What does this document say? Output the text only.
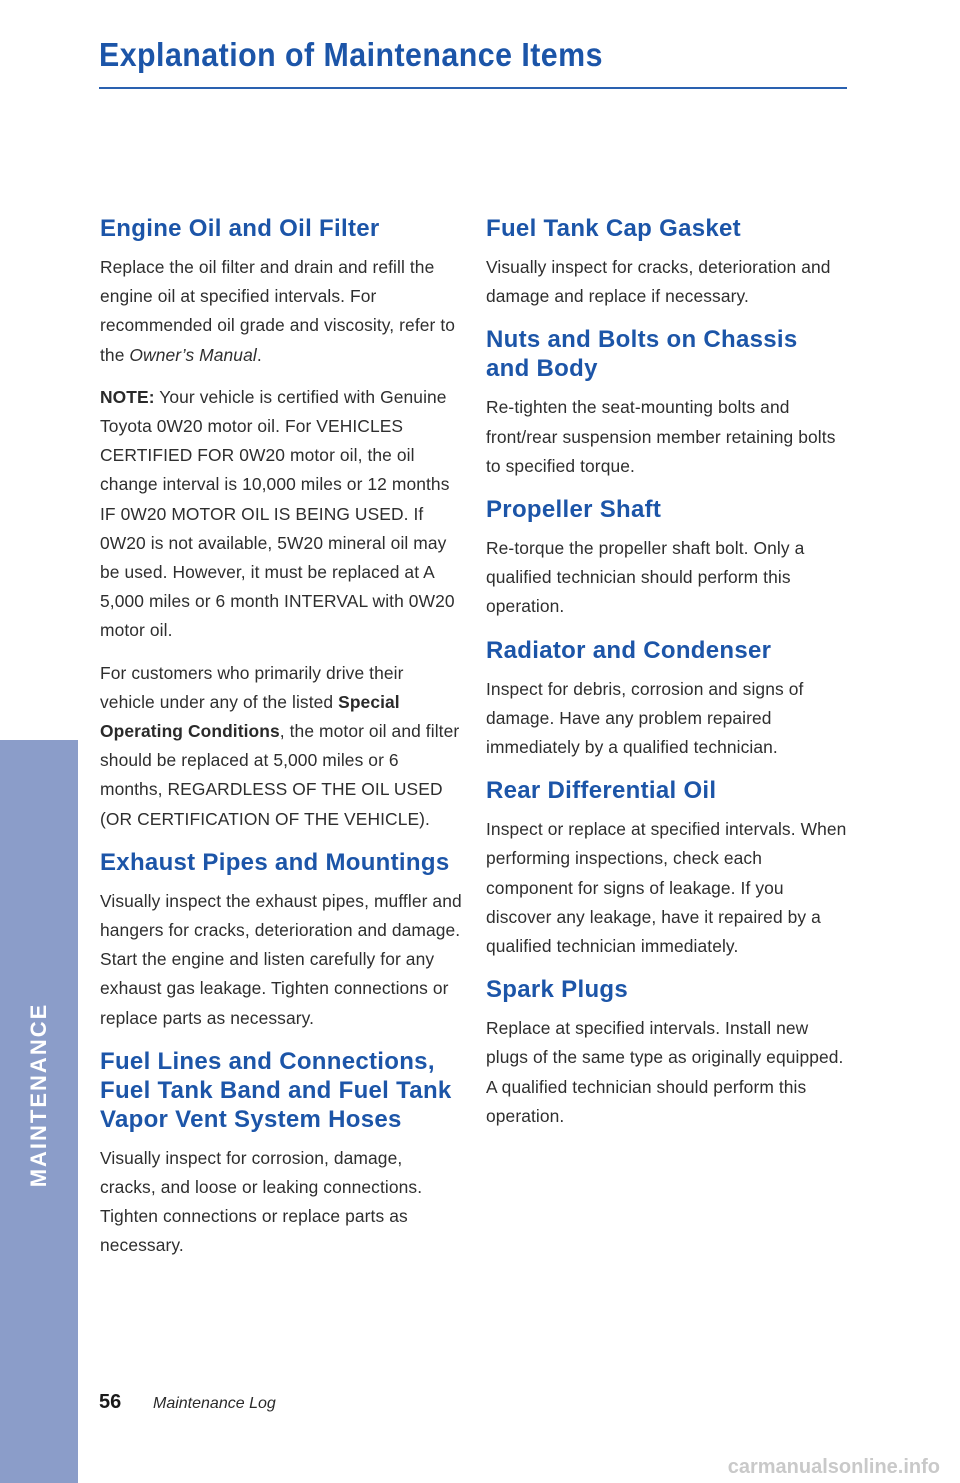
Explanation of Maintenance Items
MAINTENANCE
Engine Oil and Oil Filter

Replace the oil filter and drain and refill the engine oil at specified intervals. For recommended oil grade and viscosity, refer to the Owner’s Manual.

NOTE: Your vehicle is certified with Genuine Toyota 0W20 motor oil. For VEHICLES CERTIFIED FOR 0W20 motor oil, the oil change interval is 10,000 miles or 12 months IF 0W20 MOTOR OIL IS BEING USED. If 0W20 is not available, 5W20 mineral oil may be used. However, it must be replaced at A 5,000 miles or 6 month INTERVAL with 0W20 motor oil.

For customers who primarily drive their vehicle under any of the listed Special Operating Conditions, the motor oil and filter should be replaced at 5,000 miles or 6 months, REGARDLESS OF THE OIL USED (OR CERTIFICATION OF THE VEHICLE).

Exhaust Pipes and Mountings

Visually inspect the exhaust pipes, muffler and hangers for cracks, deterioration and damage. Start the engine and listen carefully for any exhaust gas leakage. Tighten connections or replace parts as necessary.

Fuel Lines and Connections, Fuel Tank Band and Fuel Tank Vapor Vent System Hoses

Visually inspect for corrosion, damage, cracks, and loose or leaking connections. Tighten connections or replace parts as necessary.

Fuel Tank Cap Gasket

Visually inspect for cracks, deterioration and damage and replace if necessary.

Nuts and Bolts on Chassis and Body

Re-tighten the seat-mounting bolts and front/rear suspension member retaining bolts to specified torque.

Propeller Shaft

Re-torque the propeller shaft bolt. Only a qualified technician should perform this operation.

Radiator and Condenser

Inspect for debris, corrosion and signs of damage. Have any problem repaired immediately by a qualified technician.

Rear Differential Oil

Inspect or replace at specified intervals. When performing inspections, check each component for signs of leakage. If you discover any leakage, have it repaired by a qualified technician immediately.

Spark Plugs

Replace at specified intervals. Install new plugs of the same type as originally equipped. A qualified technician should perform this operation.

56 Maintenance Log
carmanualsonline.info
